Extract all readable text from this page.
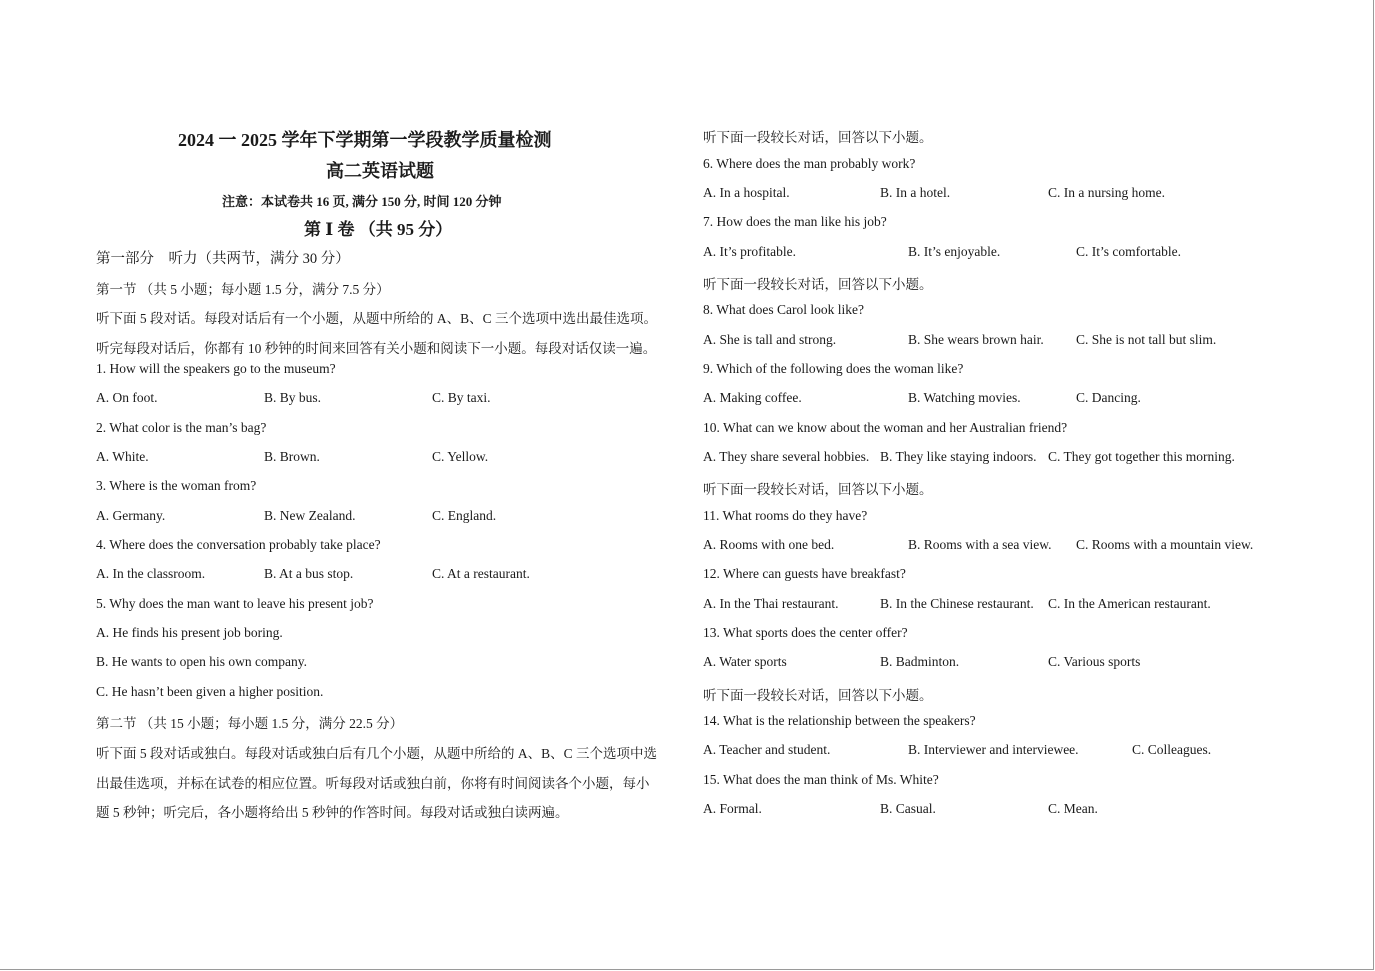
2024 一 2025 学年下学期第一学段教学质量检测
高二英语试题
注意：本试卷共 16 页, 满分 150 分, 时间 120 分钟
第 Ⅰ 卷 （共 95 分）
第一部分　听力（共两节，满分 30 分）
第一节 （共 5 小题；每小题 1.5 分，满分 7.5 分）
听下面 5 段对话。每段对话后有一个小题，从题中所给的 A、B、C 三个选项中选出最佳选项。
听完每段对话后，你都有 10 秒钟的时间来回答有关小题和阅读下一小题。每段对话仅读一遍。
1. How will the speakers go to the museum?
A. On foot.	B. By bus.	C. By taxi.
2. What color is the man’s bag?
A. White.	B. Brown.	C. Yellow.
3. Where is the woman from?
A. Germany.	B. New Zealand.	C. England.
4. Where does the conversation probably take place?
A. In the classroom.	B. At a bus stop.	C. At a restaurant.
5. Why does the man want to leave his present job?
A. He finds his present job boring.
B. He wants to open his own company.
C. He hasn’t been given a higher position.
第二节 （共 15 小题；每小题 1.5 分，满分 22.5 分）
听下面 5 段对话或独白。每段对话或独白后有几个小题，从题中所给的 A、B、C 三个选项中选
出最佳选项，并标在试卷的相应位置。听每段对话或独白前，你将有时间阅读各个小题，每小
题 5 秒钟；听完后，各小题将给出 5 秒钟的作答时间。每段对话或独白读两遍。
听下面一段较长对话，回答以下小题。
6. Where does the man probably work?
A. In a hospital.	B. In a hotel.	C. In a nursing home.
7. How does the man like his job?
A. It’s profitable.	B. It’s enjoyable.	C. It’s comfortable.
听下面一段较长对话，回答以下小题。
8. What does Carol look like?
A. She is tall and strong.	B. She wears brown hair. C. She is not tall but slim.
9. Which of the following does the woman like?
A. Making coffee.	B. Watching movies.	C. Dancing.
10. What can we know about the woman and her Australian friend?
A. They share several hobbies. B. They like staying indoors. C. They got together this morning.
听下面一段较长对话，回答以下小题。
11. What rooms do they have?
A. Rooms with one bed.	B. Rooms with a sea view. C. Rooms with a mountain view.
12. Where can guests have breakfast?
A. In the Thai restaurant.	B. In the Chinese restaurant. C. In the American restaurant.
13. What sports does the center offer?
A. Water sports	B. Badminton.	C. Various sports
听下面一段较长对话，回答以下小题。
14. What is the relationship between the speakers?
A. Teacher and student.	B. Interviewer and interviewee.	C. Colleagues.
15. What does the man think of Ms. White?
A. Formal.	B. Casual.	C. Mean.
